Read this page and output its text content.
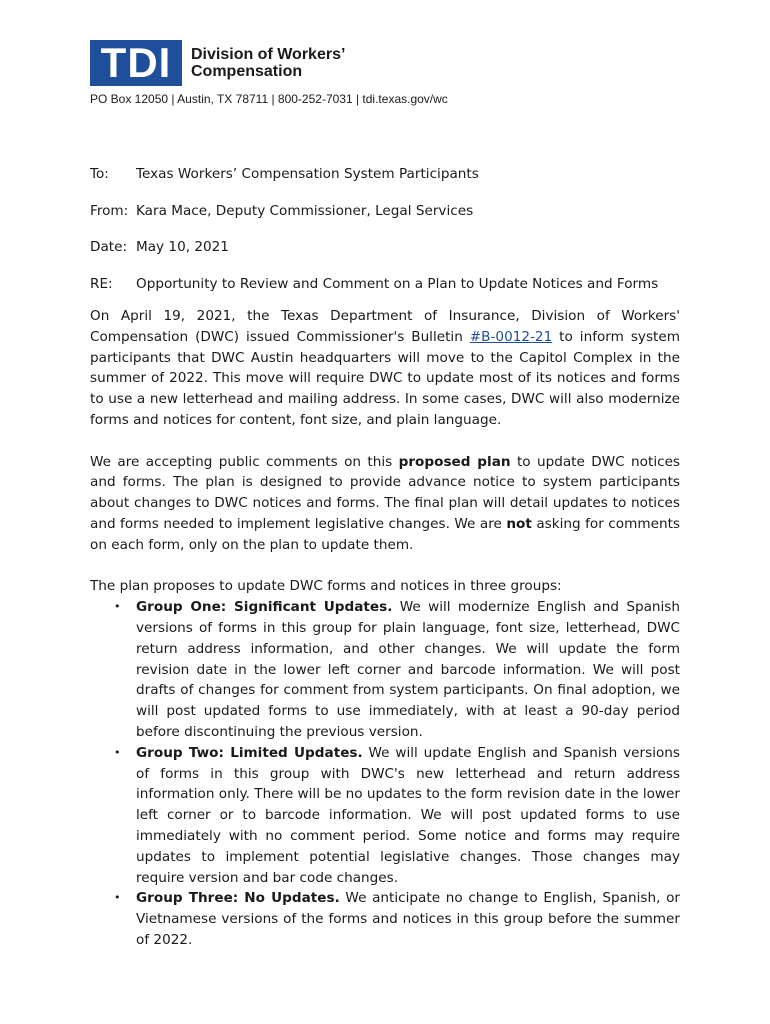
TDI	Division of Workers’
Compensation
PO Box 12050 | Austin, TX 78711 | 800-252-7031 | tdi.texas.gov/wc
To:	Texas Workers’ Compensation System Participants
From: Kara Mace, Deputy Commissioner, Legal Services
Date: May 10, 2021
RE:	Opportunity to Review and Comment on a Plan to Update Notices and Forms

On April 19, 2021, the Texas Department of Insurance, Division of Workers' Compensation (DWC) issued Commissioner's Bulletin #B-0012-21 to inform system participants that DWC Austin headquarters will move to the Capitol Complex in the summer of 2022. This move will require DWC to update most of its notices and forms to use a new letterhead and mailing address. In some cases, DWC will also modernize forms and notices for content, font size, and plain language.

We are accepting public comments on this proposed plan to update DWC notices and forms. The plan is designed to provide advance notice to system participants about changes to DWC notices and forms. The final plan will detail updates to notices and forms needed to implement legislative changes. We are not asking for comments on each form, only on the plan to update them.

The plan proposes to update DWC forms and notices in three groups:

• Group One: Significant Updates. We will modernize English and Spanish versions of forms in this group for plain language, font size, letterhead, DWC return address information, and other changes. We will update the form revision date in the lower left corner and barcode information. We will post drafts of changes for comment from system participants. On final adoption, we will post updated forms to use immediately, with at least a 90-day period before discontinuing the previous version.
• Group Two: Limited Updates. We will update English and Spanish versions of forms in this group with DWC's new letterhead and return address information only. There will be no updates to the form revision date in the lower left corner or to barcode information. We will post updated forms to use immediately with no comment period. Some notice and forms may require updates to implement potential legislative changes. Those changes may require version and bar code changes.
• Group Three: No Updates. We anticipate no change to English, Spanish, or Vietnamese versions of the forms and notices in this group before the summer of 2022.
